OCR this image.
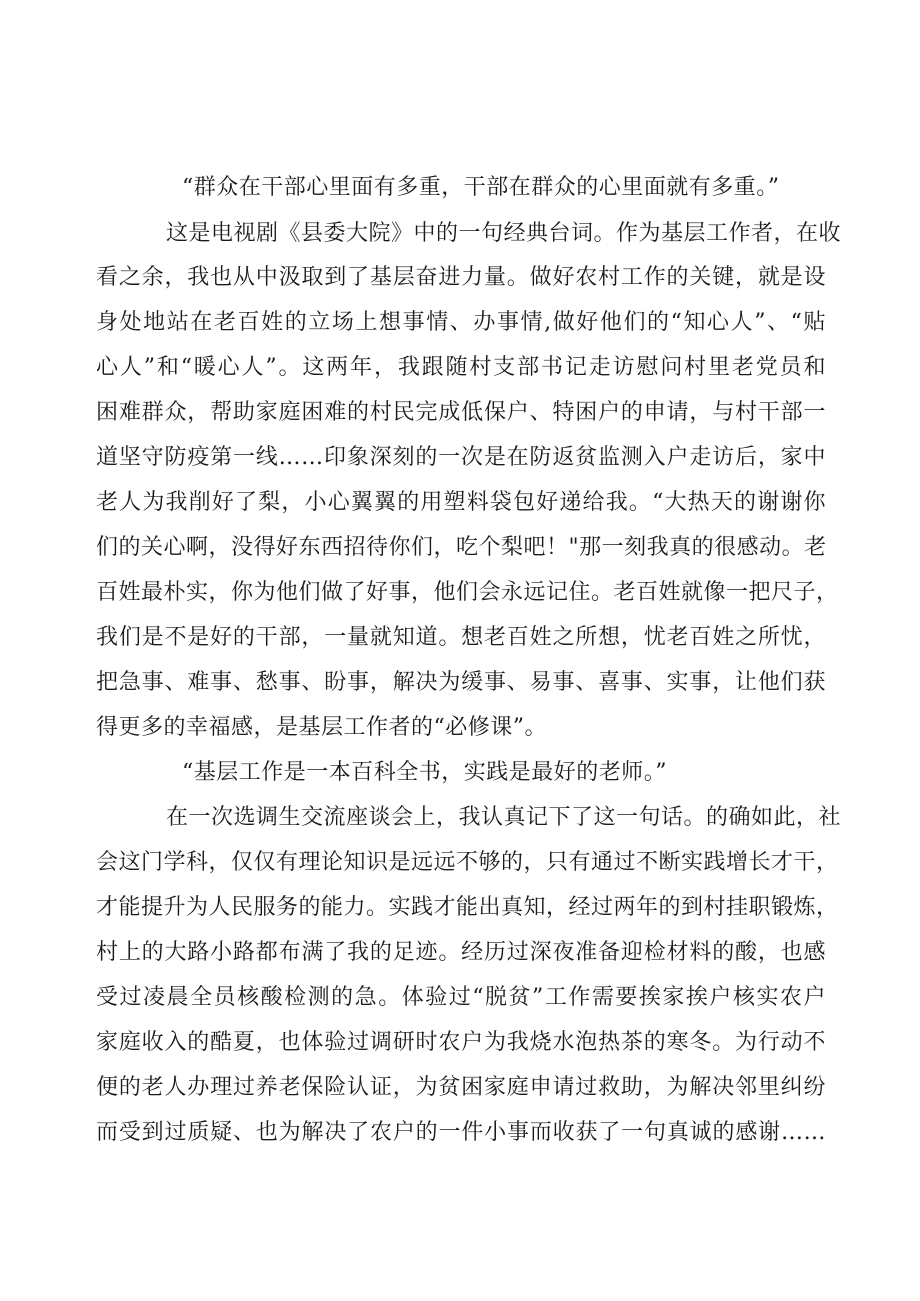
“群众在干部心里面有多重，干部在群众的心里面就有多重。”
这是电视剧《县委大院》中的一句经典台词。作为基层工作者，在收
看之余，我也从中汲取到了基层奋进力量。做好农村工作的关键，就是设
身处地站在老百姓的立场上想事情、办事情,做好他们的“知心人”、“贴
心人”和“暖心人”。这两年，我跟随村支部书记走访慰问村里老党员和
困难群众，帮助家庭困难的村民完成低保户、特困户的申请，与村干部一
道坚守防疫第一线……印象深刻的一次是在防返贫监测入户走访后，家中
老人为我削好了梨，小心翼翼的用塑料袋包好递给我。“大热天的谢谢你
们的关心啊，没得好东西招待你们，吃个梨吧！"那一刻我真的很感动。老
百姓最朴实，你为他们做了好事，他们会永远记住。老百姓就像一把尺子，
我们是不是好的干部，一量就知道。想老百姓之所想，忧老百姓之所忧，
把急事、难事、愁事、盼事，解决为缓事、易事、喜事、实事，让他们获
得更多的幸福感，是基层工作者的“必修课”。
“基层工作是一本百科全书，实践是最好的老师。”
在一次选调生交流座谈会上，我认真记下了这一句话。的确如此，社
会这门学科，仅仅有理论知识是远远不够的，只有通过不断实践增长才干，
才能提升为人民服务的能力。实践才能出真知，经过两年的到村挂职锻炼，
村上的大路小路都布满了我的足迹。经历过深夜准备迎检材料的酸，也感
受过凌晨全员核酸检测的急。体验过“脱贫”工作需要挨家挨户核实农户
家庭收入的酷夏，也体验过调研时农户为我烧水泡热茶的寒冬。为行动不
便的老人办理过养老保险认证，为贫困家庭申请过救助，为解决邻里纠纷
而受到过质疑、也为解决了农户的一件小事而收获了一句真诚的感谢……
